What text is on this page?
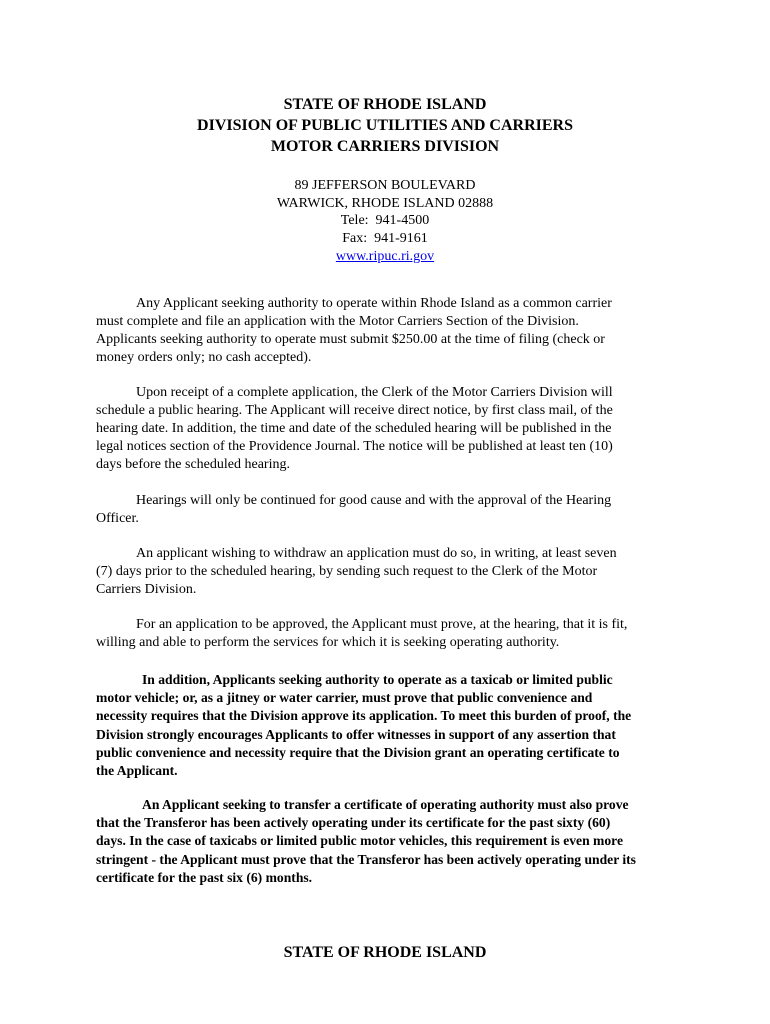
STATE OF RHODE ISLAND

DIVISION OF PUBLIC UTILITIES AND CARRIERS

MOTOR CARRIERS DIVISION

89 JEFFERSON BOULEVARD

WARWICK, RHODE ISLAND 02888

Tele:  941-4500

Fax:  941-9161

www.ripuc.ri.gov

Any Applicant seeking authority to operate within Rhode Island as a common carrier must complete and file an application with the Motor Carriers Section of the Division. Applicants seeking authority to operate must submit $250.00 at the time of filing (check or money orders only; no cash accepted).

Upon receipt of a complete application, the Clerk of the Motor Carriers Division will schedule a public hearing. The Applicant will receive direct notice, by first class mail, of the hearing date. In addition, the time and date of the scheduled hearing will be published in the legal notices section of the Providence Journal. The notice will be published at least ten (10) days before the scheduled hearing.

Hearings will only be continued for good cause and with the approval of the Hearing Officer.

An applicant wishing to withdraw an application must do so, in writing, at least seven (7) days prior to the scheduled hearing, by sending such request to the Clerk of the Motor Carriers Division.

For an application to be approved, the Applicant must prove, at the hearing, that it is fit, willing and able to perform the services for which it is seeking operating authority.

In addition, Applicants seeking authority to operate as a taxicab or limited public motor vehicle; or, as a jitney or water carrier, must prove that public convenience and necessity requires that the Division approve its application. To meet this burden of proof, the Division strongly encourages Applicants to offer witnesses in support of any assertion that public convenience and necessity require that the Division grant an operating certificate to the Applicant.

An Applicant seeking to transfer a certificate of operating authority must also prove that the Transferor has been actively operating under its certificate for the past sixty (60) days. In the case of taxicabs or limited public motor vehicles, this requirement is even more stringent - the Applicant must prove that the Transferor has been actively operating under its certificate for the past six (6) months.

STATE OF RHODE ISLAND
